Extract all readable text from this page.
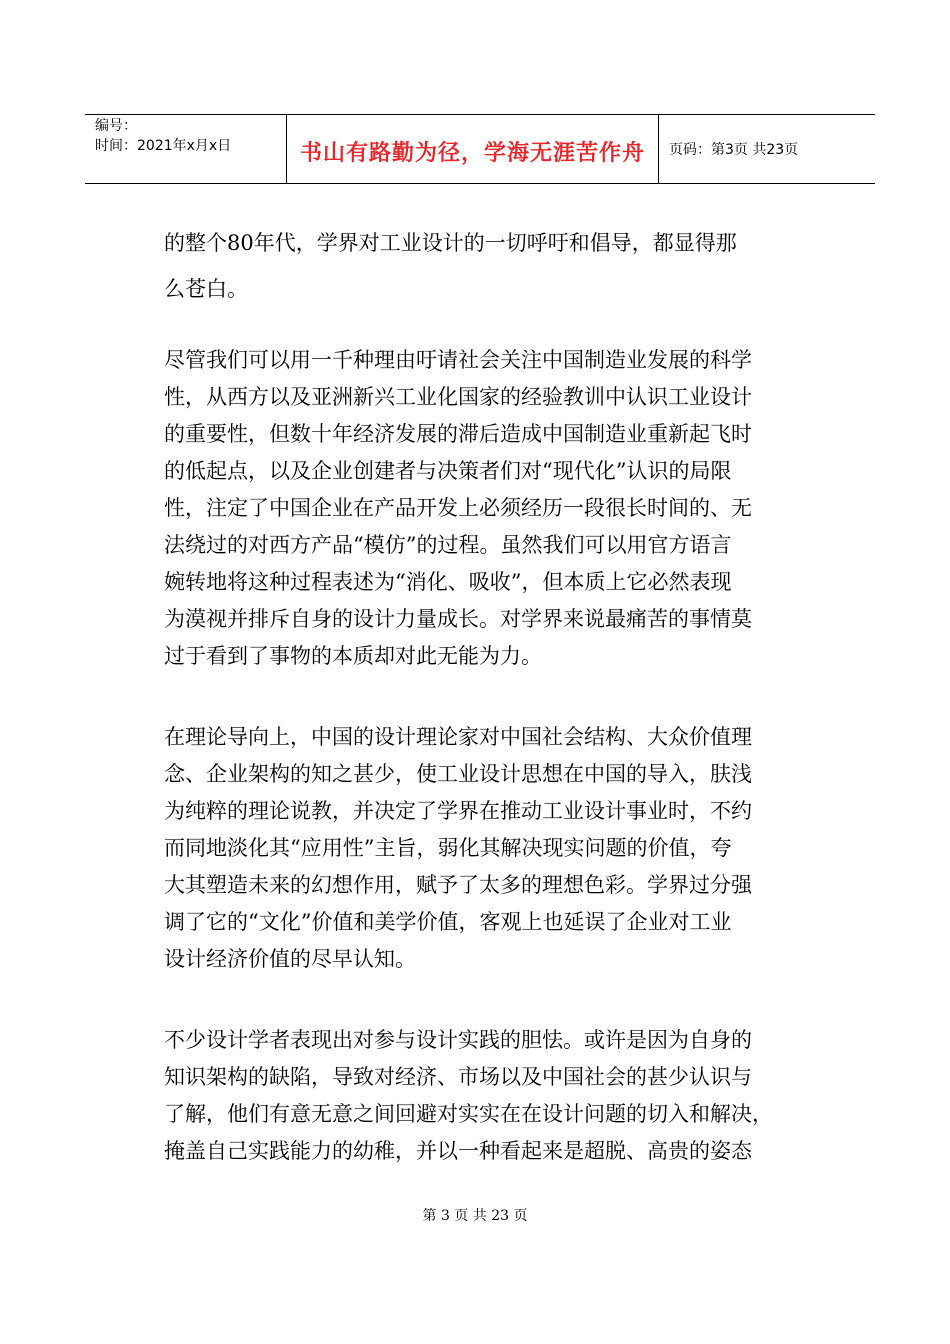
编号：
时间：2021年x月x日	书山有路勤为径，学海无涯苦作舟 页码：第3页 共23页

的整个80年代，学界对工业设计的一切呼吁和倡导，都显得那
么苍白。

尽管我们可以用一千种理由吁请社会关注中国制造业发展的科学
性，从西方以及亚洲新兴工业化国家的经验教训中认识工业设计
的重要性，但数十年经济发展的滞后造成中国制造业重新起飞时
的低起点，以及企业创建者与决策者们对“现代化”认识的局限
性，注定了中国企业在产品开发上必须经历一段很长时间的、无
法绕过的对西方产品“模仿”的过程。虽然我们可以用官方语言
婉转地将这种过程表述为“消化、吸收”，但本质上它必然表现
为漠视并排斥自身的设计力量成长。对学界来说最痛苦的事情莫
过于看到了事物的本质却对此无能为力。

在理论导向上，中国的设计理论家对中国社会结构、大众价值理
念、企业架构的知之甚少，使工业设计思想在中国的导入，肤浅
为纯粹的理论说教，并决定了学界在推动工业设计事业时，不约
而同地淡化其“应用性”主旨，弱化其解决现实问题的价值，夸
大其塑造未来的幻想作用，赋予了太多的理想色彩。学界过分强
调了它的“文化”价值和美学价值，客观上也延误了企业对工业
设计经济价值的尽早认知。

不少设计学者表现出对参与设计实践的胆怯。或许是因为自身的
知识架构的缺陷，导致对经济、市场以及中国社会的甚少认识与
了解，他们有意无意之间回避对实实在在设计问题的切入和解决，
掩盖自己实践能力的幼稚，并以一种看起来是超脱、高贵的姿态

第 3 页 共 23 页
